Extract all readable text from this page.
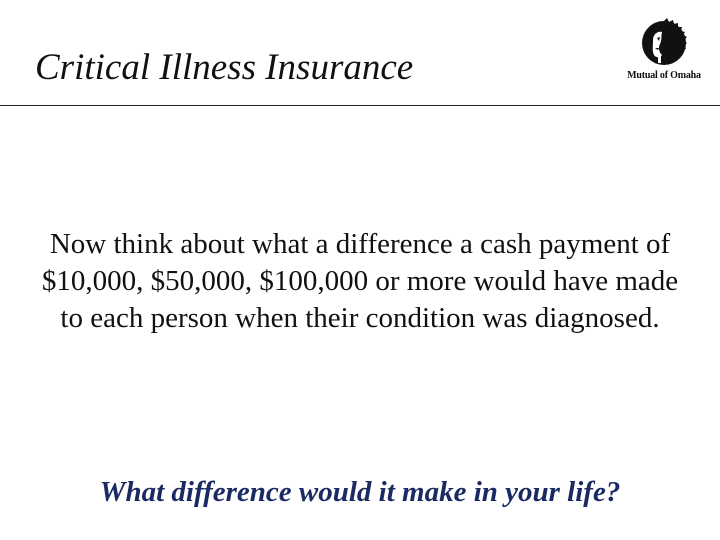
Critical Illness Insurance	Mutual of Omaha
Now think about what a difference a cash payment of $10,000, $50,000, $100,000 or more would have made to each person when their condition was diagnosed.
What difference would it make in your life?
